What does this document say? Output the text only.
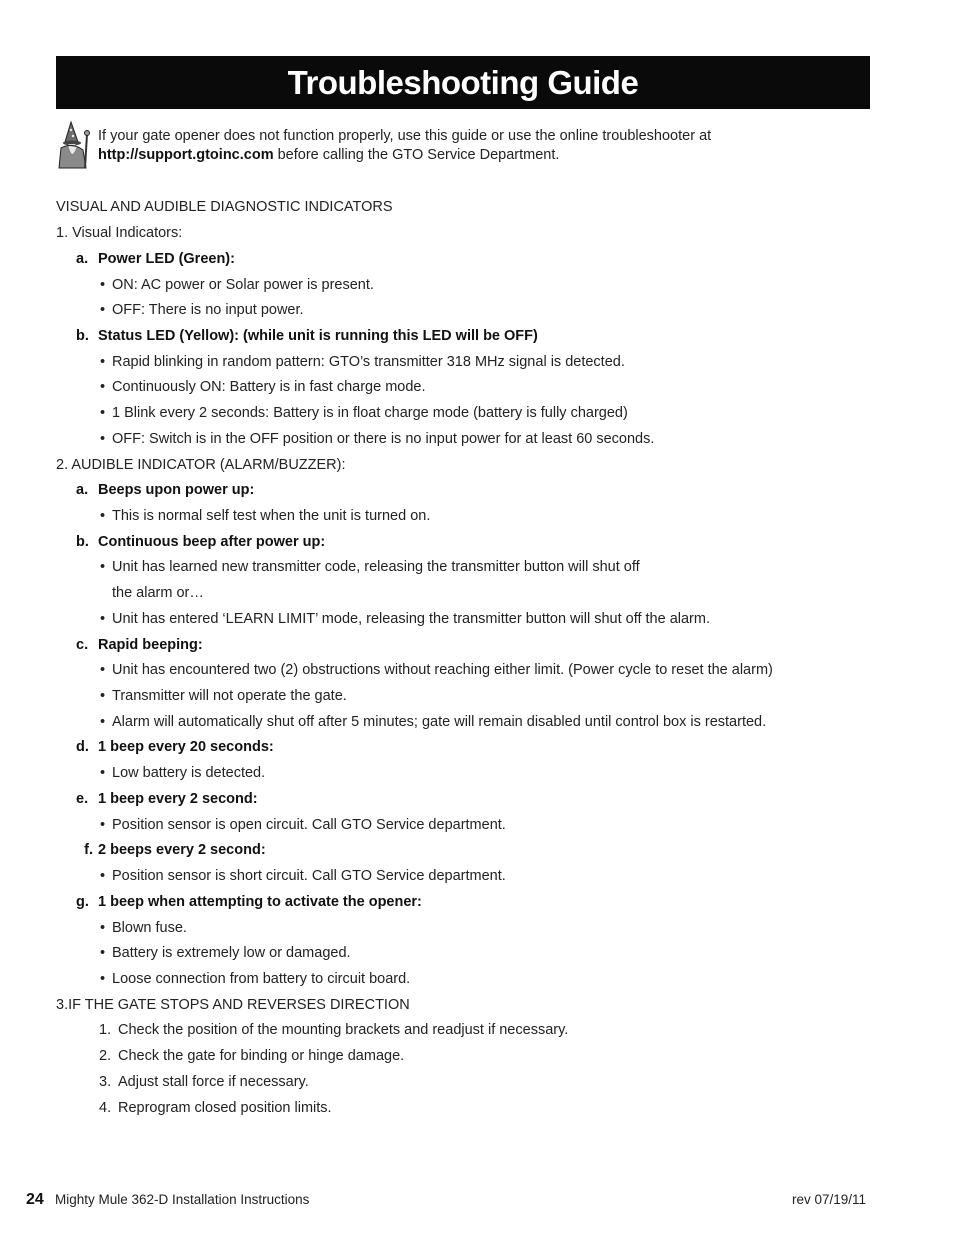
Troubleshooting Guide
If your gate opener does not function properly, use this guide or use the online troubleshooter at
http://support.gtoinc.com before calling the GTO Service Department.
VISUAL AND AUDIBLE DIAGNOSTIC INDICATORS
1. Visual Indicators:
a. Power LED (Green):
• ON: AC power or Solar power is present.
• OFF: There is no input power.
b. Status LED (Yellow): (while unit is running this LED will be OFF)
• Rapid blinking in random pattern: GTO’s transmitter 318 MHz signal is detected.
• Continuously ON: Battery is in fast charge mode.
• 1 Blink every 2 seconds: Battery is in float charge mode (battery is fully charged)
• OFF: Switch is in the OFF position or there is no input power for at least 60 seconds.
2. AUDIBLE INDICATOR (ALARM/BUZZER):
a. Beeps upon power up:
• This is normal self test when the unit is turned on.
b. Continuous beep after power up:
• Unit has learned new transmitter code, releasing the transmitter button will shut off
the alarm or…
• Unit has entered ‘LEARN LIMIT’ mode, releasing the transmitter button will shut off the alarm.
c. Rapid beeping:
• Unit has encountered two (2) obstructions without reaching either limit. (Power cycle to reset the alarm)
• Transmitter will not operate the gate.
• Alarm will automatically shut off after 5 minutes; gate will remain disabled until control box is restarted.
d. 1 beep every 20 seconds:
• Low battery is detected.
e. 1 beep every 2 second:
• Position sensor is open circuit. Call GTO Service department.
f. 2 beeps every 2 second:
• Position sensor is short circuit. Call GTO Service department.
g. 1 beep when attempting to activate the opener:
• Blown fuse.
• Battery is extremely low or damaged.
• Loose connection from battery to circuit board.
3.IF THE GATE STOPS AND REVERSES DIRECTION
1. Check the position of the mounting brackets and readjust if necessary.
2. Check the gate for binding or hinge damage.
3. Adjust stall force if necessary.
4. Reprogram closed position limits.
24 Mighty Mule 362-D Installation Instructions	rev 07/19/11
